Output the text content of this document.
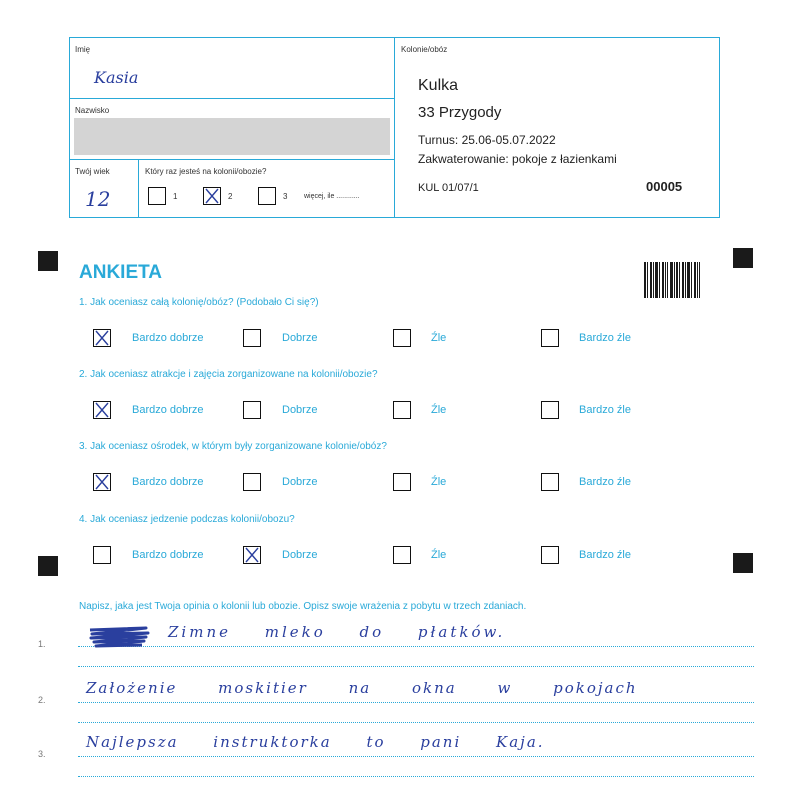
Imię
Kasia
Nazwisko
Twój wiek
12
Który raz jesteś na kolonii/obozie?
1	2	3 więcej, ile ............
Kolonie/obóz
Kulka
33 Przygody
Turnus: 25.06-05.07.2022
Zakwaterowanie: pokoje z łazienkami
KUL 01/07/1	00005
ANKIETA
1. Jak oceniasz całą kolonię/obóz? (Podobało Ci się?)
Bardzo dobrze	Dobrze	Źle	Bardzo źle
2. Jak oceniasz atrakcje i zajęcia zorganizowane na kolonii/obozie?
Bardzo dobrze	Dobrze	Źle	Bardzo źle
3. Jak oceniasz ośrodek, w którym były zorganizowane kolonie/obóz?
Bardzo dobrze	Dobrze	Źle	Bardzo źle
4. Jak oceniasz jedzenie podczas kolonii/obozu?
Bardzo dobrze	Dobrze	Źle	Bardzo źle
Napisz, jaka jest Twoja opinia o kolonii lub obozie. Opisz swoje wrażenia z pobytu w trzech zdaniach.
1.
Zimne mleko do płatków.
2.
Założenie moskitier na okna w pokojach
3.
Najlepsza instruktorka to pani Kaja.
